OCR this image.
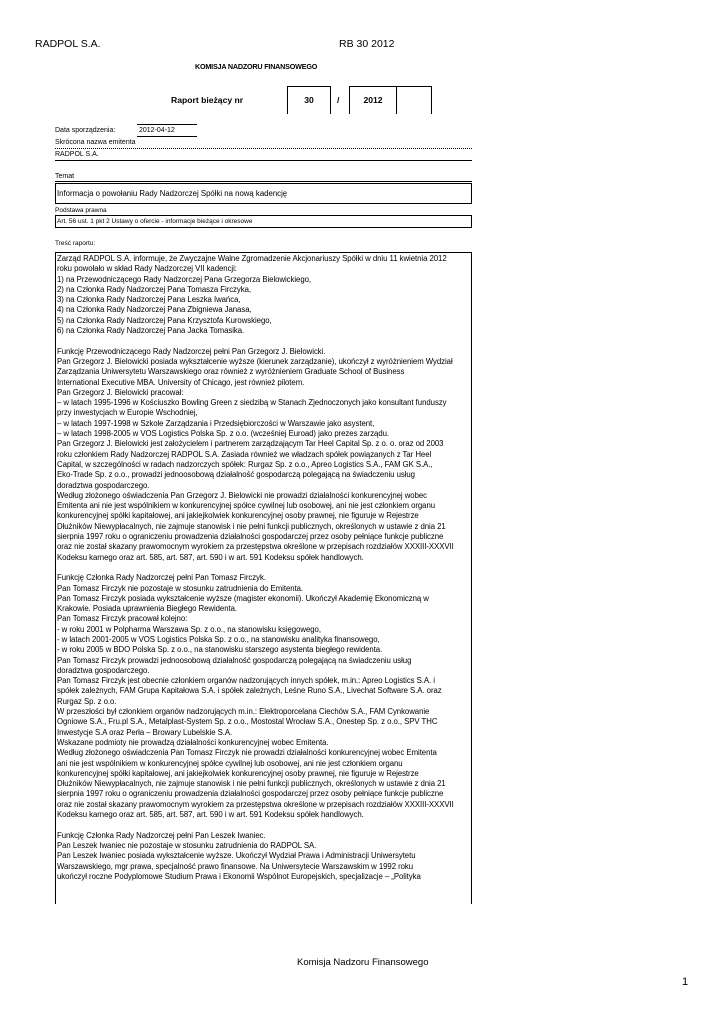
RADPOL S.A.	RB 30 2012
KOMISJA NADZORU FINANSOWEGO
Raport bieżący nr	30	/	2012
Data sporządzenia:	2012-04-12
Skrócona nazwa emitenta
RADPOL S.A.
Temat
Informacja o powołaniu Rady Nadzorczej Spółki na nową kadencję
Podstawa prawna
Art. 56 ust. 1 pkt 2 Ustawy o ofercie - informacje bieżące i okresowe
Treść raportu:

Zarząd RADPOL S.A. informuje, że Zwyczajne Walne Zgromadzenie Akcjonariuszy Spółki w dniu 11 kwietnia 2012

roku powołało w skład Rady Nadzorczej VII kadencji:

1) na Przewodniczącego Rady Nadzorczej Pana Grzegorza Bielowickiego,

2) na Członka Rady Nadzorczej Pana Tomasza Firczyka,

3) na Członka Rady Nadzorczej Pana Leszka Iwańca,

4) na Członka Rady Nadzorczej Pana Zbigniewa Janasa,

5) na Członka Rady Nadzorczej Pana Krzysztofa Kurowskiego,

6) na Członka Rady Nadzorczej Pana Jacka Tomasika.

Funkcję Przewodniczącego Rady Nadzorczej pełni Pan Grzegorz J. Bielowicki.

Pan Grzegorz J. Bielowicki posiada wykształcenie wyższe (kierunek zarządzanie), ukończył z wyróżnieniem Wydział

Zarządzania Uniwersytetu Warszawskiego oraz również z wyróżnieniem Graduate School of Business

International Executive MBA. University of Chicago, jest również pilotem.

Pan Grzegorz J. Bielowicki pracował:

– w latach 1995-1996 w Kościuszko Bowling Green z siedzibą w Stanach Zjednoczonych jako konsultant funduszy

przy inwestycjach w Europie Wschodniej,

– w latach 1997-1998 w Szkole Zarządzania i Przedsiębiorczości w Warszawie jako asystent,

– w latach 1998-2005 w VOS Logistics Polska Sp. z o.o. (wcześniej Euroad) jako prezes zarządu.

Pan Grzegorz J. Bielowicki jest założycielem i partnerem zarządzającym Tar Heel Capital Sp. z o. o. oraz od 2003

roku członkiem Rady Nadzorczej RADPOL S.A. Zasiada również we władzach spółek powiązanych z Tar Heel

Capital, w szczególności w radach nadzorczych spółek: Rurgaz Sp. z o.o., Apreo Logistics S.A., FAM GK S.A.,

Eko-Trade Sp. z o.o., prowadzi jednoosobową działalność gospodarczą polegającą na świadczeniu usług

doradztwa gospodarczego.

Według złożonego oświadczenia Pan Grzegorz J. Bielowicki nie prowadzi działalności konkurencyjnej wobec

Emitenta ani nie jest wspólnikiem w konkurencyjnej spółce cywilnej lub osobowej, ani nie jest członkiem organu

konkurencyjnej spółki kapitałowej, ani jakiejkolwiek konkurencyjnej osoby prawnej, nie figuruje w Rejestrze

Dłużników Niewypłacalnych, nie zajmuje stanowisk i nie pełni funkcji publicznych, określonych w ustawie z dnia 21

sierpnia 1997 roku o ograniczeniu prowadzenia działalności gospodarczej przez osoby pełniące funkcje publiczne

oraz nie został skazany prawomocnym wyrokiem za przestępstwa określone w przepisach rozdziałów XXXIII-XXXVII

Kodeksu karnego oraz art. 585, art. 587, art. 590 i w art. 591 Kodeksu spółek handlowych.

Funkcję Członka Rady Nadzorczej pełni Pan Tomasz Firczyk.

Pan Tomasz Firczyk nie pozostaje w stosunku zatrudnienia do Emitenta.

Pan Tomasz Firczyk posiada wykształcenie wyższe (magister ekonomii). Ukończył Akademię Ekonomiczną w

Krakowie. Posiada uprawnienia Biegłego Rewidenta.

Pan Tomasz Firczyk pracował kolejno:

- w roku 2001 w Polpharma Warszawa Sp. z o.o., na stanowisku księgowego,

- w latach 2001-2005 w VOS Logistics Polska Sp. z o.o., na stanowisku analityka finansowego,

- w roku 2005 w BDO Polska Sp. z o.o., na stanowisku starszego asystenta biegłego rewidenta.

Pan Tomasz Firczyk prowadzi jednoosobową działalność gospodarczą polegającą na świadczeniu usług

doradztwa gospodarczego.

Pan Tomasz Firczyk jest obecnie członkiem organów nadzorujących innych spółek, m.in.: Apreo Logistics S.A. i

spółek zależnych, FAM Grupa Kapitałowa S.A. i spółek zależnych, Leśne Runo S.A., Livechat Software S.A. oraz

Rurgaz Sp. z o.o.

W przeszłości był członkiem organów nadzorujących m.in.: Elektroporcelana Ciechów S.A., FAM Cynkowanie

Ogniowe S.A., Fru.pl S.A., Metalplast-System Sp. z o.o., Mostostal Wrocław S.A., Onestep Sp. z o.o., SPV THC

Inwestycje S.A oraz Perła – Browary Lubelskie S.A.

Wskazane podmioty nie prowadzą działalności konkurencyjnej wobec Emitenta.

Według złożonego oświadczenia Pan Tomasz Firczyk nie prowadzi działalności konkurencyjnej wobec Emitenta

ani nie jest wspólnikiem w konkurencyjnej spółce cywilnej lub osobowej, ani nie jest członkiem organu

konkurencyjnej spółki kapitałowej, ani jakiejkolwiek konkurencyjnej osoby prawnej, nie figuruje w Rejestrze

Dłużników Niewypłacalnych, nie zajmuje stanowisk i nie pełni funkcji publicznych, określonych w ustawie z dnia 21

sierpnia 1997 roku o ograniczeniu prowadzenia działalności gospodarczej przez osoby pełniące funkcje publiczne

oraz nie został skazany prawomocnym wyrokiem za przestępstwa określone w przepisach rozdziałów XXXIII-XXXVII

Kodeksu karnego oraz art. 585, art. 587, art. 590 i w art. 591 Kodeksu spółek handlowych.

Funkcję Członka Rady Nadzorczej pełni Pan Leszek Iwaniec.

Pan Leszek Iwaniec nie pozostaje w stosunku zatrudnienia do RADPOL SA.

Pan Leszek Iwaniec posiada wykształcenie wyższe. Ukończył Wydział Prawa i Administracji Uniwersytetu

Warszawskiego, mgr prawa, specjalność prawo finansowe. Na Uniwersytecie Warszawskim w 1992 roku

ukończył roczne Podyplomowe Studium Prawa i Ekonomii Wspólnot Europejskich, specjalizacje – „Polityka

Komisja Nadzoru Finansowego
1
